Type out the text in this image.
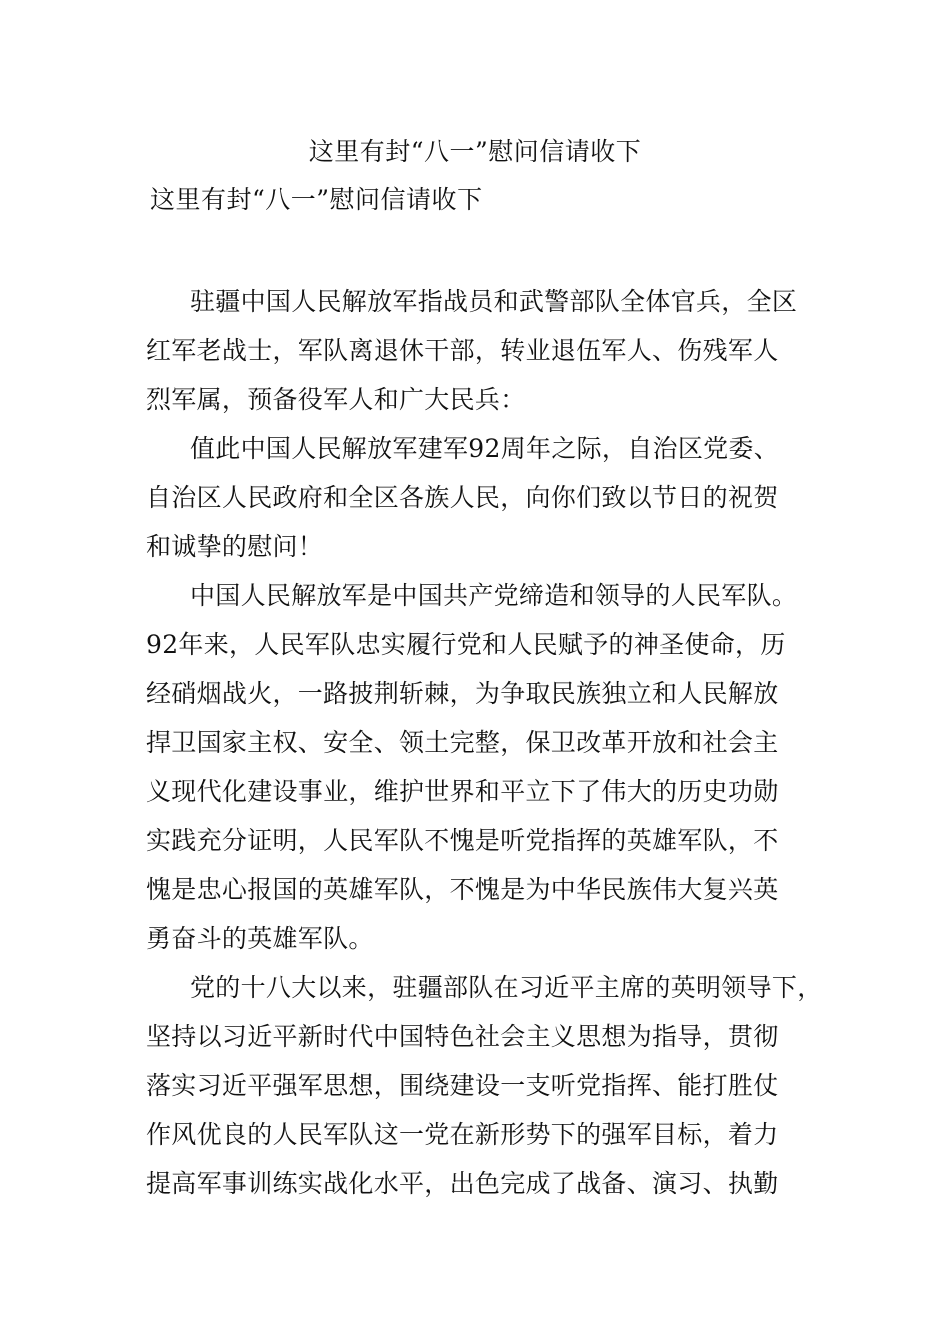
这里有封“八一”慰问信请收下
这里有封“八一”慰问信请收下
驻疆中国人民解放军指战员和武警部队全体官兵，全区
红军老战士，军队离退休干部，转业退伍军人、伤残军人
烈军属，预备役军人和广大民兵：
值此中国人民解放军建军92周年之际，自治区党委、
自治区人民政府和全区各族人民，向你们致以节日的祝贺
和诚挚的慰问！
中国人民解放军是中国共产党缔造和领导的人民军队。
92年来，人民军队忠实履行党和人民赋予的神圣使命，历
经硝烟战火，一路披荆斩棘，为争取民族独立和人民解放
捍卫国家主权、安全、领土完整，保卫改革开放和社会主
义现代化建设事业，维护世界和平立下了伟大的历史功勋
实践充分证明，人民军队不愧是听党指挥的英雄军队，不
愧是忠心报国的英雄军队，不愧是为中华民族伟大复兴英
勇奋斗的英雄军队。
党的十八大以来，驻疆部队在习近平主席的英明领导下，
坚持以习近平新时代中国特色社会主义思想为指导，贯彻
落实习近平强军思想，围绕建设一支听党指挥、能打胜仗
作风优良的人民军队这一党在新形势下的强军目标，着力
提高军事训练实战化水平，出色完成了战备、演习、执勤
